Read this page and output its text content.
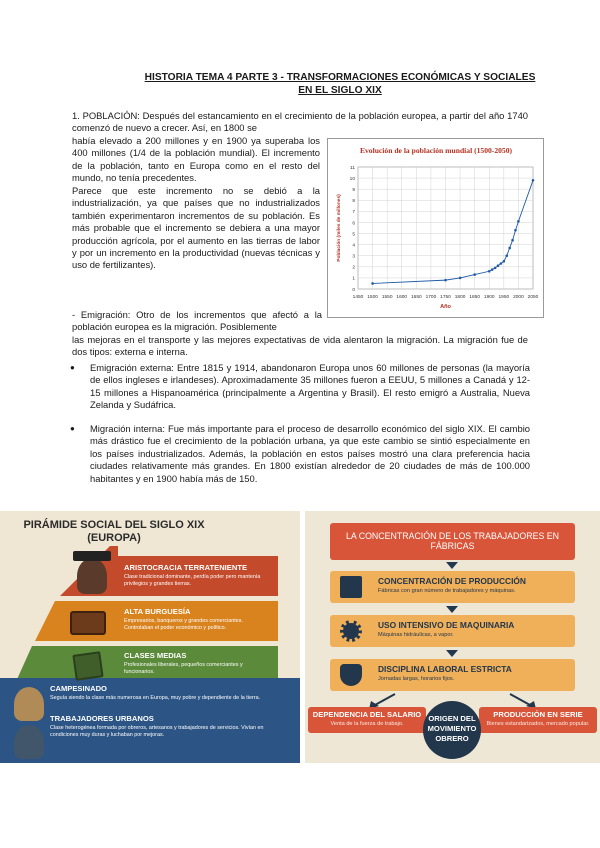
HISTORIA TEMA 4 PARTE 3 - TRANSFORMACIONES ECONÓMICAS Y SOCIALES EN EL SIGLO XIX
1. POBLACIÓN: Después del estancamiento en el crecimiento de la población europea, a partir del año 1740 comenzó de nuevo a crecer. Así, en 1800 se
había elevado a 200 millones y en 1900 ya superaba los 400 millones (1/4 de la población mundial). El incremento de la población, tanto en Europa como en el resto del mundo, no tenía precedentes.
Parece que este incremento no se debió a la industrialización, ya que países que no industrializados también experimentaron incrementos de su población. Es más probable que el incremento se debiera a una mayor producción agrícola, por el aumento en las tierras de labor y por un incremento en la productividad (nuevas técnicas y uso de fertilizantes).
- Emigración: Otro de los incrementos que afectó a la población europea es la migración. Posiblemente
las mejoras en el transporte y las mejores expectativas de vida alentaron la migración. La migración fue de dos tipos: externa e interna.
● Emigración externa: Entre 1815 y 1914, abandonaron Europa unos 60 millones de personas (la mayoría de ellos ingleses e irlandeses). Aproximadamente 35 millones fueron a EEUU, 5 millones a Canadá y 12-15 millones a Hispanoamérica (principalmente a Argentina y Brasil). El resto emigró a Australia, Nueva Zelanda y Sudáfrica.
● Migración interna: Fue más importante para el proceso de desarrollo económico del siglo XIX. El cambio más drástico fue el crecimiento de la población urbana, ya que este cambio se sintió especialmente en los países industrializados. Además, la población en estos países mostró una clara preferencia hacia ciudades relativamente más grandes. En 1800 existían alrededor de 20 ciudades de más de 100.000 habitantes y en 1900 había más de 150.
Evolución de la población mundial (1500-2050)
1450 1500 1550 1600 1650 1700 1750 1800 1850 1900 1950 2000 2050
0
1
2
3
4
5
6
7
8
9
10
11
Año
Población (miles de millones)
PIRÁMIDE SOCIAL DEL SIGLO XIX (EUROPA)
ARISTOCRACIA TERRATENIENTE
Clase tradicional dominante, perdía poder pero mantenía privilegios y grandes tierras.
ALTA BURGUESÍA
Empresarios, banqueros y grandes comerciantes. Controlaban el poder económico y político.
CLASES MEDIAS
Profesionales liberales, pequeños comerciantes y funcionarios.
CAMPESINADO
Seguía siendo la clase más numerosa en Europa, muy pobre y dependiente de la tierra.
TRABAJADORES URBANOS
Clase heterogénea formada por obreros, artesanos y trabajadores de servicios. Vivían en condiciones muy duras y luchaban por mejoras.
LA CONCENTRACIÓN DE LOS TRABAJADORES EN FÁBRICAS
CONCENTRACIÓN DE PRODUCCIÓN
Fábricas con gran número de trabajadores y máquinas.
USO INTENSIVO DE MAQUINARIA
Máquinas hidráulicas, a vapor.
DISCIPLINA LABORAL ESTRICTA
Jornadas largas, horarios fijos.
DEPENDENCIA DEL SALARIO
Venta de la fuerza de trabajo.
PRODUCCIÓN EN SERIE
Bienes estandarizados, mercado popular.
ORIGEN DEL MOVIMIENTO OBRERO
